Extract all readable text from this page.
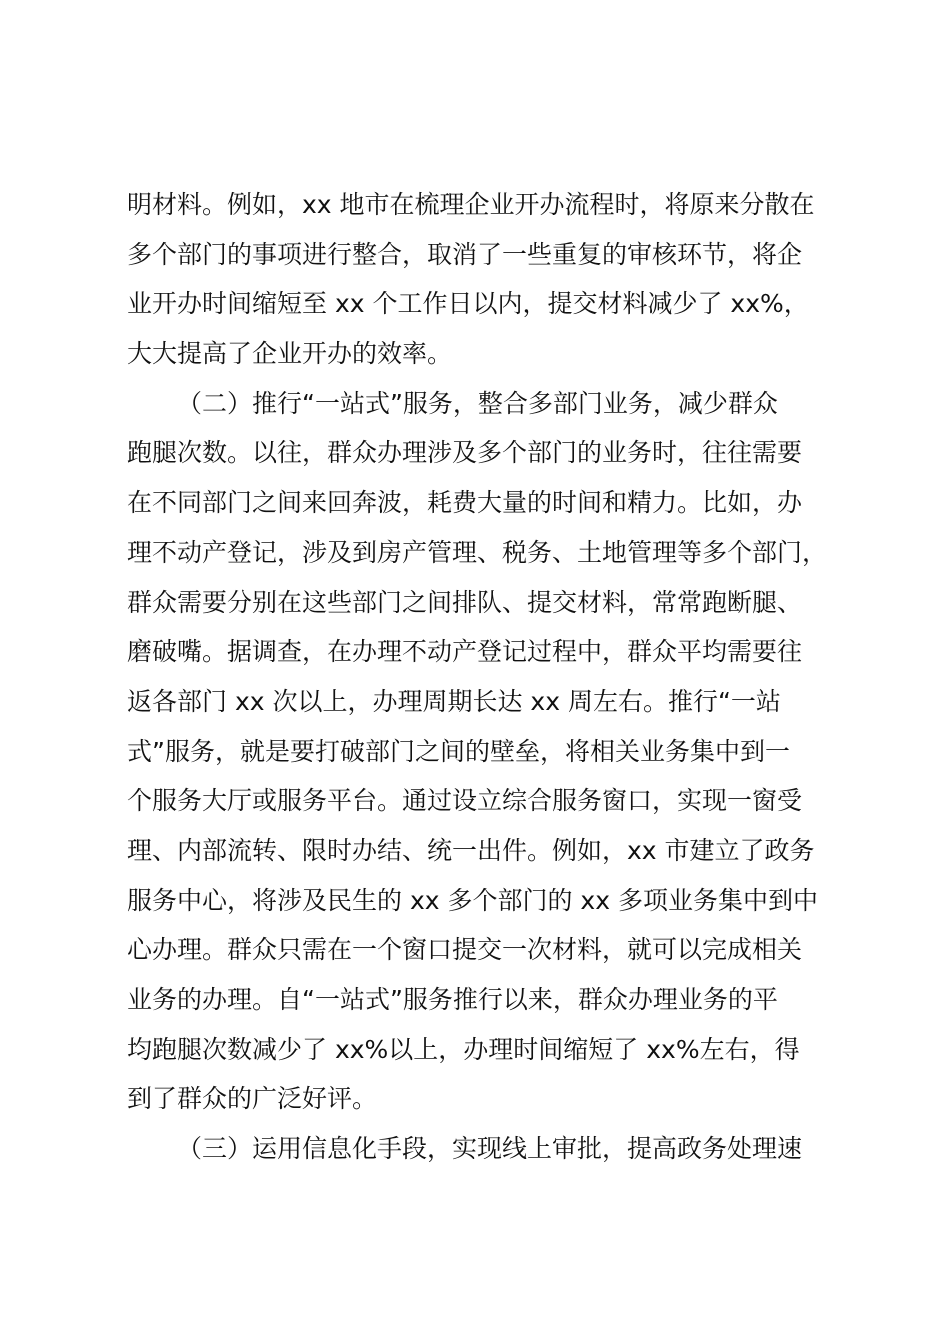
明材料。例如，xx 地市在梳理企业开办流程时，将原来分散在
多个部门的事项进行整合，取消了一些重复的审核环节，将企
业开办时间缩短至 xx 个工作日以内，提交材料减少了 xx%，
大大提高了企业开办的效率。
（二）推行“一站式”服务，整合多部门业务，减少群众
跑腿次数。以往，群众办理涉及多个部门的业务时，往往需要
在不同部门之间来回奔波，耗费大量的时间和精力。比如，办
理不动产登记，涉及到房产管理、税务、土地管理等多个部门，
群众需要分别在这些部门之间排队、提交材料，常常跑断腿、
磨破嘴。据调查，在办理不动产登记过程中，群众平均需要往
返各部门 xx 次以上，办理周期长达 xx 周左右。推行“一站
式”服务，就是要打破部门之间的壁垒，将相关业务集中到一
个服务大厅或服务平台。通过设立综合服务窗口，实现一窗受
理、内部流转、限时办结、统一出件。例如，xx 市建立了政务
服务中心，将涉及民生的 xx 多个部门的 xx 多项业务集中到中
心办理。群众只需在一个窗口提交一次材料，就可以完成相关
业务的办理。自“一站式”服务推行以来，群众办理业务的平
均跑腿次数减少了 xx%以上，办理时间缩短了 xx%左右，得
到了群众的广泛好评。
（三）运用信息化手段，实现线上审批，提高政务处理速
